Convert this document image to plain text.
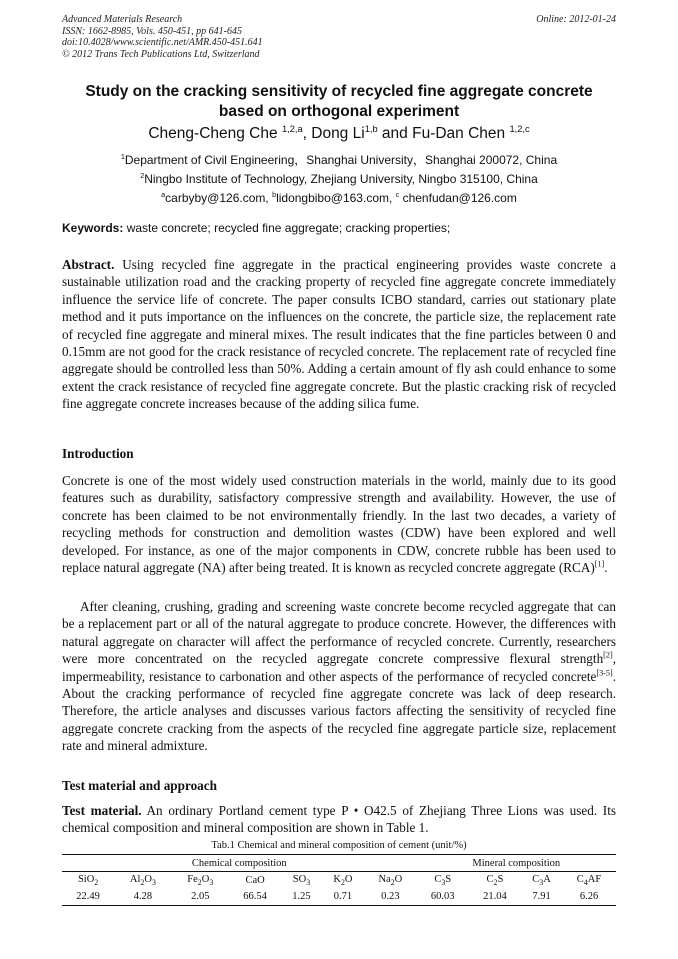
Advanced Materials Research
ISSN: 1662-8985, Vols. 450-451, pp 641-645
doi:10.4028/www.scientific.net/AMR.450-451.641
© 2012 Trans Tech Publications Ltd, Switzerland
Online: 2012-01-24
Study on the cracking sensitivity of recycled fine aggregate concrete based on orthogonal experiment
Cheng-Cheng Che $^{1,2,a}$, Dong Li$^{1,b}$ and Fu-Dan Chen $^{1,2,c}$
$^1$Department of Civil Engineering，Shanghai University，Shanghai 200072, China
$^2$Ningbo Institute of Technology, Zhejiang University, Ningbo 315100, China
$^a$carbyby@126.com, $^b$lidongbibo@163.com, $^c$ chenfudan@126.com
Keywords: waste concrete; recycled fine aggregate; cracking properties;
Abstract. Using recycled fine aggregate in the practical engineering provides waste concrete a sustainable utilization road and the cracking property of recycled fine aggregate concrete immediately influence the service life of concrete. The paper consults ICBO standard, carries out stationary plate method and it puts importance on the influences on the concrete, the particle size, the replacement rate of recycled fine aggregate and mineral mixes. The result indicates that the fine particles between 0 and 0.15mm are not good for the crack resistance of recycled concrete. The replacement rate of recycled fine aggregate should be controlled less than 50%. Adding a certain amount of fly ash could enhance to some extent the crack resistance of recycled fine aggregate concrete. But the plastic cracking risk of recycled fine aggregate concrete increases because of the adding silica fume.
Introduction
Concrete is one of the most widely used construction materials in the world, mainly due to its good features such as durability, satisfactory compressive strength and availability. However, the use of concrete has been claimed to be not environmentally friendly. In the last two decades, a variety of recycling methods for construction and demolition wastes (CDW) have been explored and well developed. For instance, as one of the major components in CDW, concrete rubble has been used to replace natural aggregate (NA) after being treated. It is known as recycled concrete aggregate (RCA)[1].
After cleaning, crushing, grading and screening waste concrete become recycled aggregate that can be a replacement part or all of the natural aggregate to produce concrete. However, the differences with natural aggregate on character will affect the performance of recycled concrete. Currently, researchers were more concentrated on the recycled aggregate concrete compressive flexural strength[2], impermeability, resistance to carbonation and other aspects of the performance of recycled concrete[3-5]. About the cracking performance of recycled fine aggregate concrete was lack of deep research. Therefore, the article analyses and discusses various factors affecting the sensitivity of recycled fine aggregate concrete cracking from the aspects of the recycled fine aggregate particle size, replacement rate and mineral admixture.
Test material and approach
Test material. An ordinary Portland cement type P • O42.5 of Zhejiang Three Lions was used. Its chemical composition and mineral composition are shown in Table 1.
Tab.1 Chemical and mineral composition of cement (unit/%)
Chemical composition							Mineral composition			
SiO$_2$	$Al_2O_3$	$Fe_2O_3$	CaO	$SO_3$	$K_2O$	$Na_2O$	$C_3S$	$C_2S$	$C_3A$	$C_4AF$
22.49	4.28	2.05	66.54	1.25	0.71	0.23	60.03	21.04	7.91	6.26
